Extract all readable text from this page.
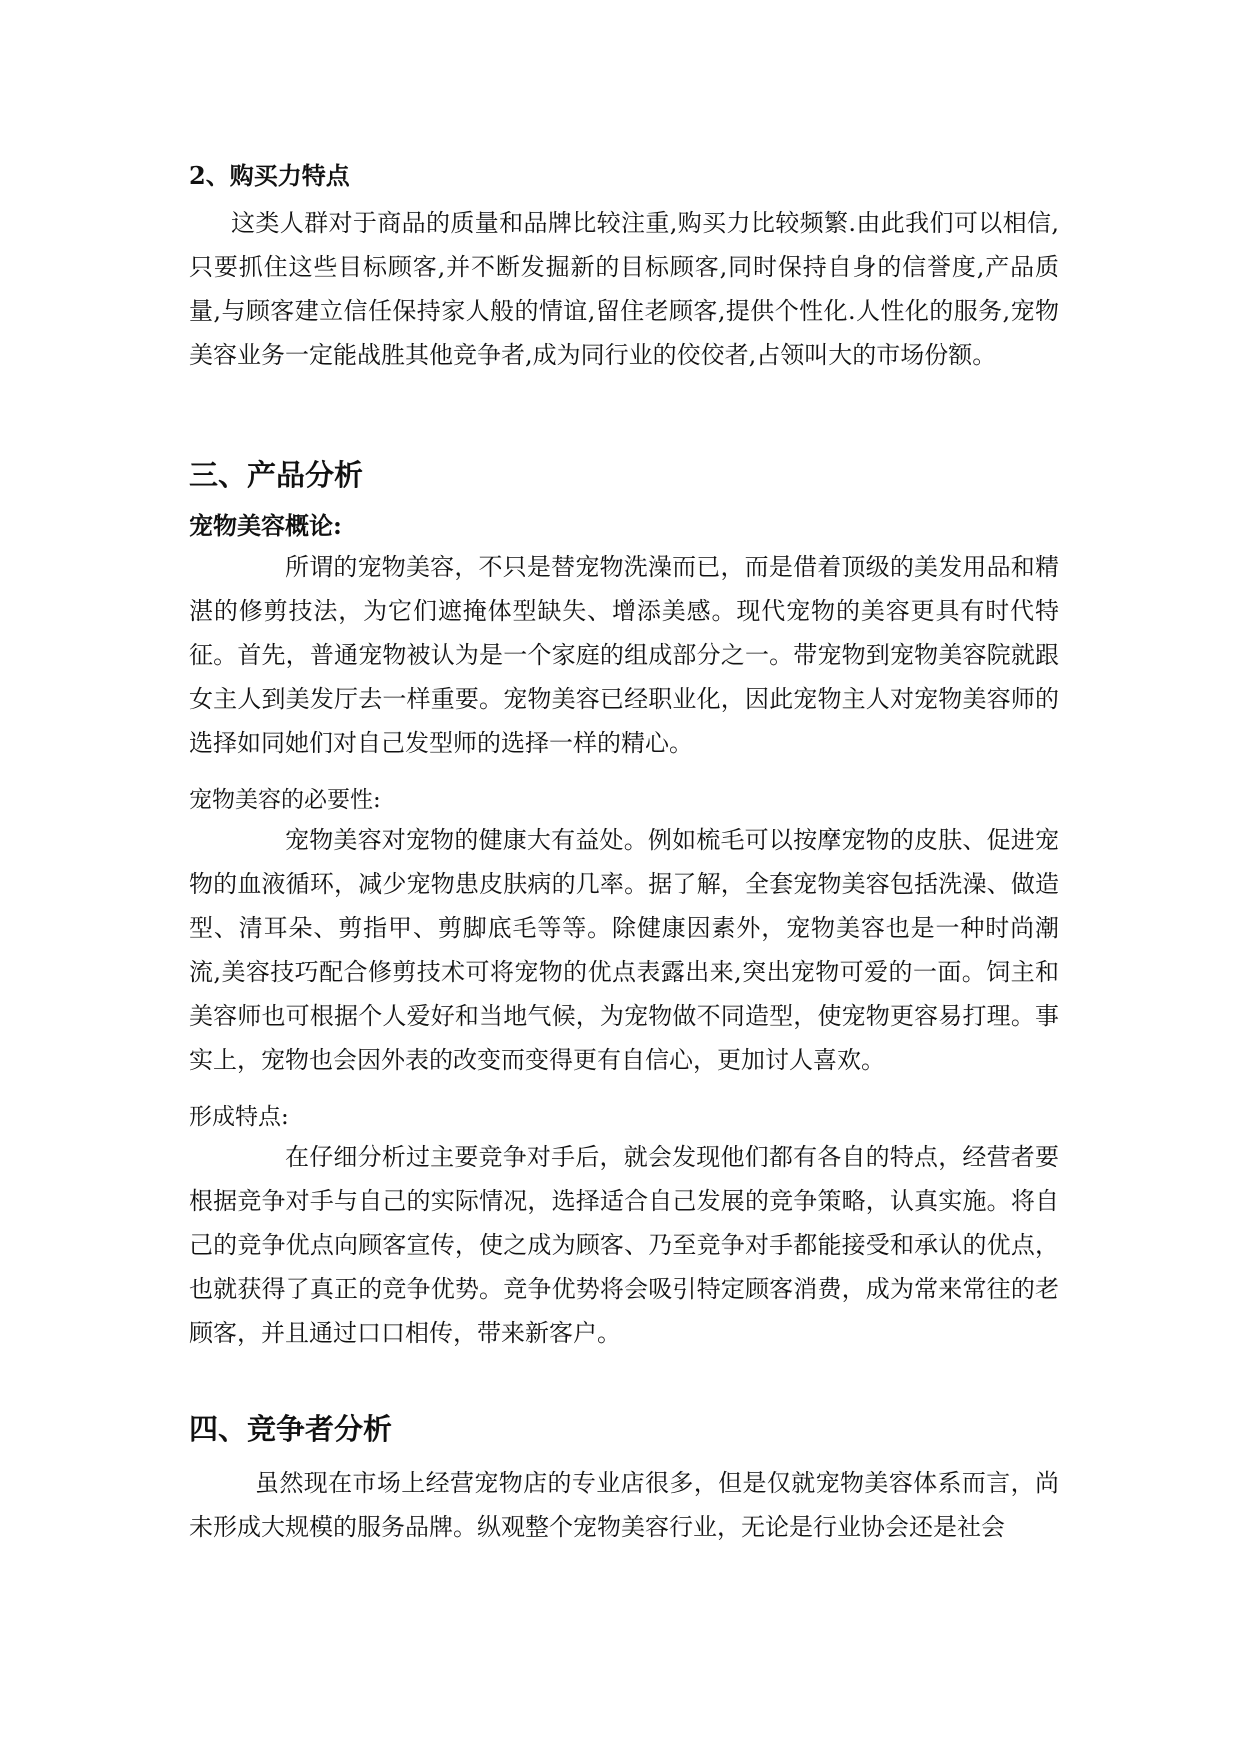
2、购买力特点

这类人群对于商品的质量和品牌比较注重,购买力比较频繁.由此我们可以相信,只要抓住这些目标顾客,并不断发掘新的目标顾客,同时保持自身的信誉度,产品质量,与顾客建立信任保持家人般的情谊,留住老顾客,提供个性化.人性化的服务,宠物美容业务一定能战胜其他竞争者,成为同行业的佼佼者,占领叫大的市场份额。

三、产品分析
宠物美容概论:

所谓的宠物美容，不只是替宠物洗澡而已，而是借着顶级的美发用品和精湛的修剪技法，为它们遮掩体型缺失、增添美感。现代宠物的美容更具有时代特征。首先，普通宠物被认为是一个家庭的组成部分之一。带宠物到宠物美容院就跟女主人到美发厅去一样重要。宠物美容已经职业化，因此宠物主人对宠物美容师的选择如同她们对自己发型师的选择一样的精心。

宠物美容的必要性:

宠物美容对宠物的健康大有益处。例如梳毛可以按摩宠物的皮肤、促进宠物的血液循环，减少宠物患皮肤病的几率。据了解，全套宠物美容包括洗澡、做造型、清耳朵、剪指甲、剪脚底毛等等。除健康因素外，宠物美容也是一种时尚潮流,美容技巧配合修剪技术可将宠物的优点表露出来,突出宠物可爱的一面。饲主和美容师也可根据个人爱好和当地气候，为宠物做不同造型，使宠物更容易打理。事实上，宠物也会因外表的改变而变得更有自信心，更加讨人喜欢。

形成特点:

在仔细分析过主要竞争对手后，就会发现他们都有各自的特点，经营者要根据竞争对手与自己的实际情况，选择适合自己发展的竞争策略，认真实施。将自己的竞争优点向顾客宣传，使之成为顾客、乃至竞争对手都能接受和承认的优点，也就获得了真正的竞争优势。竞争优势将会吸引特定顾客消费，成为常来常往的老顾客，并且通过口口相传，带来新客户。

四、竞争者分析

虽然现在市场上经营宠物店的专业店很多，但是仅就宠物美容体系而言，尚未形成大规模的服务品牌。纵观整个宠物美容行业，无论是行业协会还是社会
